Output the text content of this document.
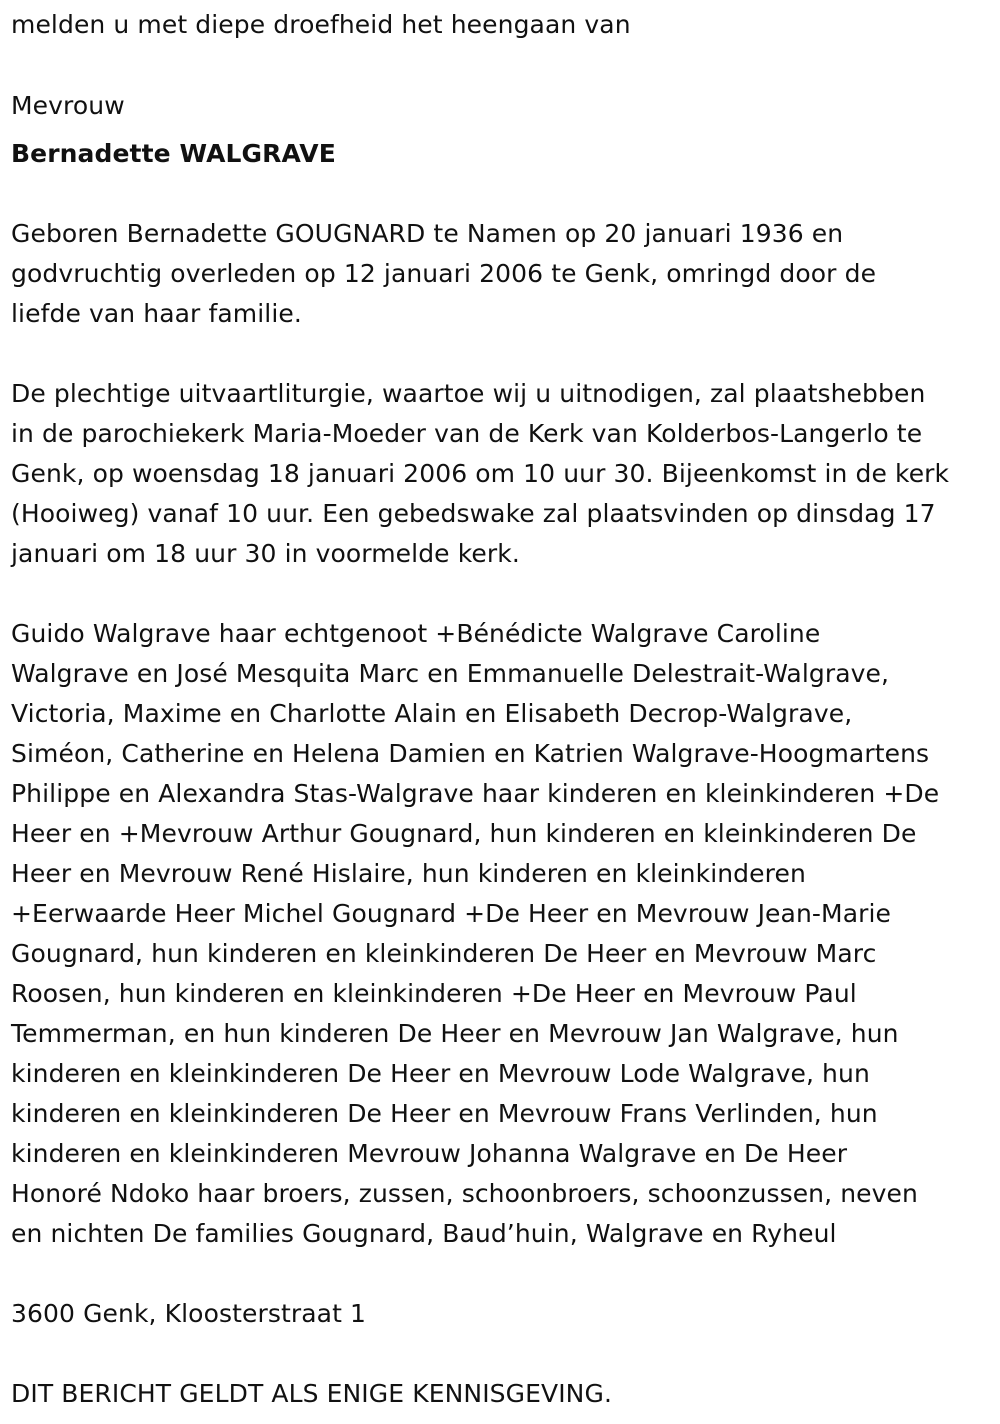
melden u met diepe droefheid het heengaan van
Mevrouw
Bernadette WALGRAVE
Geboren Bernadette GOUGNARD te Namen op 20 januari 1936 en
godvruchtig overleden op 12 januari 2006 te Genk, omringd door de
liefde van haar familie.
De plechtige uitvaartliturgie, waartoe wij u uitnodigen, zal plaatshebben
in de parochiekerk Maria-Moeder van de Kerk van Kolderbos-Langerlo te
Genk, op woensdag 18 januari 2006 om 10 uur 30. Bijeenkomst in de kerk
(Hooiweg) vanaf 10 uur. Een gebedswake zal plaatsvinden op dinsdag 17
januari om 18 uur 30 in voormelde kerk.
Guido Walgrave haar echtgenoot +Bénédicte Walgrave Caroline
Walgrave en José Mesquita Marc en Emmanuelle Delestrait-Walgrave,
Victoria, Maxime en Charlotte Alain en Elisabeth Decrop-Walgrave,
Siméon, Catherine en Helena Damien en Katrien Walgrave-Hoogmartens
Philippe en Alexandra Stas-Walgrave haar kinderen en kleinkinderen +De
Heer en +Mevrouw Arthur Gougnard, hun kinderen en kleinkinderen De
Heer en Mevrouw René Hislaire, hun kinderen en kleinkinderen
+Eerwaarde Heer Michel Gougnard +De Heer en Mevrouw Jean-Marie
Gougnard, hun kinderen en kleinkinderen De Heer en Mevrouw Marc
Roosen, hun kinderen en kleinkinderen +De Heer en Mevrouw Paul
Temmerman, en hun kinderen De Heer en Mevrouw Jan Walgrave, hun
kinderen en kleinkinderen De Heer en Mevrouw Lode Walgrave, hun
kinderen en kleinkinderen De Heer en Mevrouw Frans Verlinden, hun
kinderen en kleinkinderen Mevrouw Johanna Walgrave en De Heer
Honoré Ndoko haar broers, zussen, schoonbroers, schoonzussen, neven
en nichten De families Gougnard, Baud’huin, Walgrave en Ryheul
3600 Genk, Kloosterstraat 1
DIT BERICHT GELDT ALS ENIGE KENNISGEVING.
